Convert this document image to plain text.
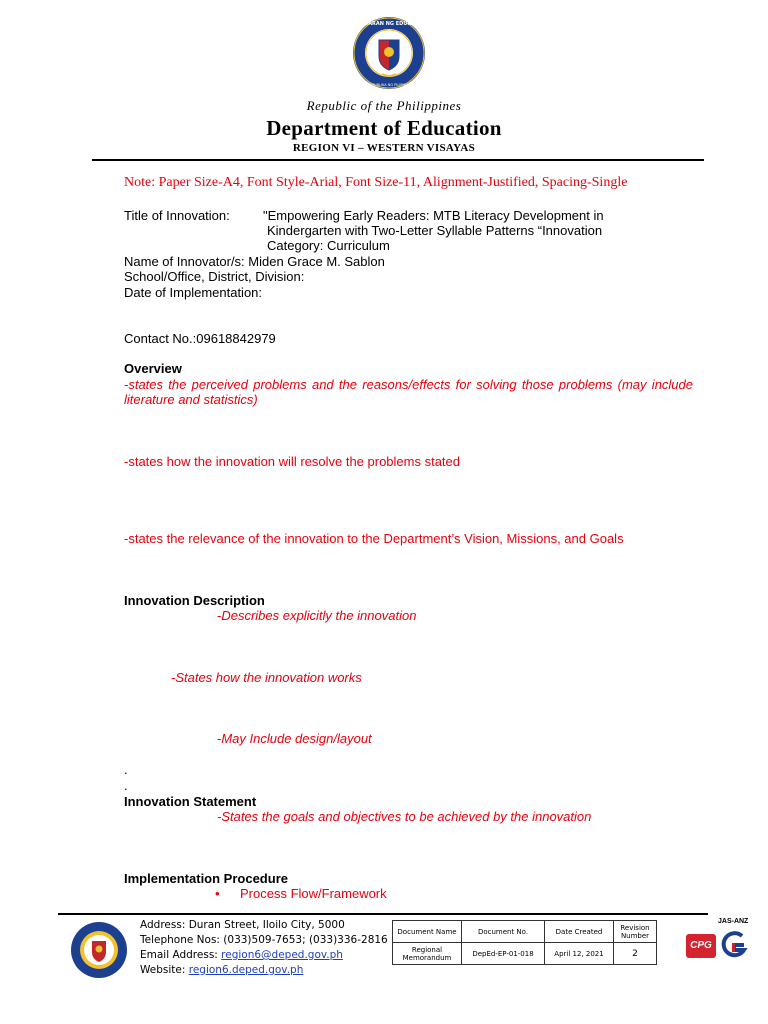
KAGAWARAN NG EDUKASYON
REPUBLIKA NG PILIPINAS
Republic of the Philippines
Department of Education
REGION VI – WESTERN VISAYAS
Note: Paper Size-A4, Font Style-Arial, Font Size-11, Alignment-Justified, Spacing-Single
Title of Innovation:	"Empowering Early Readers: MTB Literacy Development in
Kindergarten with Two-Letter Syllable Patterns “Innovation
Category: Curriculum
Name of Innovator/s: Miden Grace M. Sablon
School/Office, District, Division:
Date of Implementation:
Contact No.:09618842979
Overview
-states the perceived problems and the reasons/effects for solving those problems (may include literature and statistics)
-states how the innovation will resolve the problems stated
-states the relevance of the innovation to the Department’s Vision, Missions, and Goals
Innovation Description
-Describes explicitly the innovation
-States how the innovation works
-May Include design/layout
.
.
Innovation Statement
-States the goals and objectives to be achieved by the innovation
Implementation Procedure
• Process Flow/Framework
Address: Duran Street, Iloilo City, 5000
Telephone Nos: (033)509-7653; (033)336-2816
Email Address: region6@deped.gov.ph
Website: region6.deped.gov.ph
Document Name	Document No.	Date Created	Revision Number
Regional Memorandum	DepEd-EP-01-018	April 12, 2021	2
CPG
JAS-ANZ
